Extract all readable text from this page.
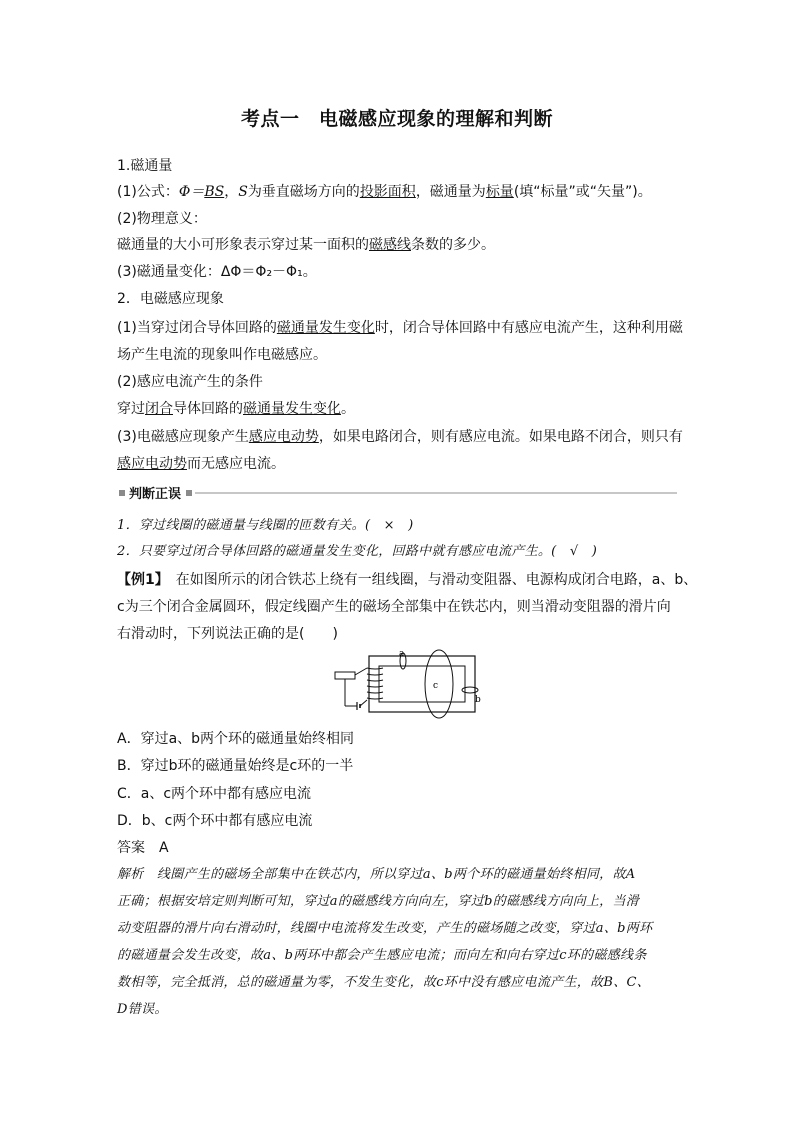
考点一　电磁感应现象的理解和判断
1.磁通量
(1)公式：Φ＝BS，S为垂直磁场方向的投影面积，磁通量为标量(填“标量”或“矢量”)。
(2)物理意义：
磁通量的大小可形象表示穿过某一面积的磁感线条数的多少。
(3)磁通量变化：ΔΦ＝Φ₂－Φ₁。
2．电磁感应现象
(1)当穿过闭合导体回路的磁通量发生变化时，闭合导体回路中有感应电流产生，这种利用磁
场产生电流的现象叫作电磁感应。
(2)感应电流产生的条件
穿过闭合导体回路的磁通量发生变化。
(3)电磁感应现象产生感应电动势，如果电路闭合，则有感应电流。如果电路不闭合，则只有
感应电动势而无感应电流。
判断正误
1．穿过线圈的磁通量与线圈的匝数有关。(　×　)
2．只要穿过闭合导体回路的磁通量发生变化，回路中就有感应电流产生。(　√　)
【例1】　在如图所示的闭合铁芯上绕有一组线圈，与滑动变阻器、电源构成闭合电路，a、b、
c为三个闭合金属圆环，假定线圈产生的磁场全部集中在铁芯内，则当滑动变阻器的滑片向
右滑动时，下列说法正确的是(　　)
a
c
b
A．穿过a、b两个环的磁通量始终相同
B．穿过b环的磁通量始终是c环的一半
C．a、c两个环中都有感应电流
D．b、c两个环中都有感应电流
答案　A
解析　线圈产生的磁场全部集中在铁芯内，所以穿过a、b两个环的磁通量始终相同，故A
正确；根据安培定则判断可知，穿过a的磁感线方向向左，穿过b的磁感线方向向上，当滑
动变阻器的滑片向右滑动时，线圈中电流将发生改变，产生的磁场随之改变，穿过a、b两环
的磁通量会发生改变，故a、b两环中都会产生感应电流；而向左和向右穿过c环的磁感线条
数相等，完全抵消，总的磁通量为零，不发生变化，故c环中没有感应电流产生，故B、C、
D错误。
